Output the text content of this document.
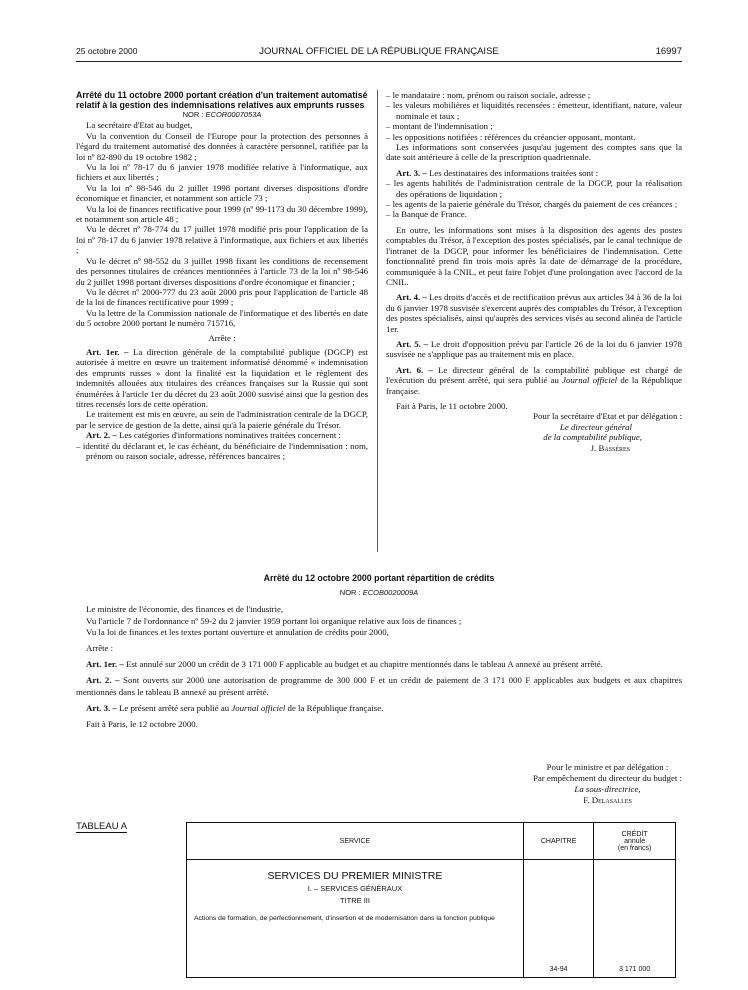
25 octobre 2000	JOURNAL OFFICIEL DE LA RÉPUBLIQUE FRANÇAISE	16997

Arrêté du 11 octobre 2000 portant création d'un traitement automatisé relatif à la gestion des indemnisations relatives aux emprunts russes

NOR : ECOR0007053A

La secrétaire d'Etat au budget,

Vu la convention du Conseil de l'Europe pour la protection des personnes à l'égard du traitement automatisé des données à caractère personnel, ratifiée par la loi nº 82-890 du 19 octobre 1982 ;

Vu la loi nº 78-17 du 6 janvier 1978 modifiée relative à l'informatique, aux fichiers et aux libertés ;

Vu la loi nº 98-546 du 2 juillet 1998 portant diverses dispositions d'ordre économique et financier, et notamment son article 73 ;

Vu la loi de finances rectificative pour 1999 (nº 99-1173 du 30 décembre 1999), et notamment son article 48 ;

Vu le décret nº 78-774 du 17 juillet 1978 modifié pris pour l'application de la loi nº 78-17 du 6 janvier 1978 relative à l'informatique, aux fichiers et aux libertés ;

Vu le décret nº 98-552 du 3 juillet 1998 fixant les conditions de recensement des personnes titulaires de créances mentionnées à l'article 73 de la loi nº 98-546 du 2 juillet 1998 portant diverses dispositions d'ordre économique et financier ;

Vu le décret nº 2000-777 du 23 août 2000 pris pour l'application de l'article 48 de la loi de finances rectificative pour 1999 ;

Vu la lettre de la Commission nationale de l'informatique et des libertés en date du 5 octobre 2000 portant le numéro 715716,

Arrête :

Art. 1er. – La direction générale de la comptabilité publique (DGCP) est autorisée à mettre en œuvre un traitement informatisé dénommé « indemnisation des emprunts russes » dont la finalité est la liquidation et le règlement des indemnités allouées aux titulaires des créances françaises sur la Russie qui sont énumérées à l'article 1er du décret du 23 août 2000 susvisé ainsi que la gestion des titres recensés lors de cette opération.

Le traitement est mis en œuvre, au sein de l'administration centrale de la DGCP, par le service de gestion de la dette, ainsi qu'à la paierie générale du Trésor.

Art. 2. – Les catégories d'informations nominatives traitées concernent :

– identité du déclarant et, le cas échéant, du bénéficiaire de l'indemnisation : nom, prénom ou raison sociale, adresse, références bancaires ;
– le mandataire : nom, prénom ou raison sociale, adresse ;
– les valeurs mobilières et liquidités recensées : émetteur, identifiant, nature, valeur nominale et taux ;
– montant de l'indemnisation ;
– les oppositions notifiées : références du créancier opposant, montant.

Les informations sont conservées jusqu'au jugement des comptes sans que la date soit antérieure à celle de la prescription quadriennale.

Art. 3. – Les destinataires des informations traitées sont :

– les agents habilités de l'administration centrale de la DGCP, pour la réalisation des opérations de liquidation ;
– les agents de la paierie générale du Trésor, chargés du paiement de ces créances ;
– la Banque de France.

En outre, les informations sont mises à la disposition des agents des postes comptables du Trésor, à l'exception des postes spécialisés, par le canal technique de l'intranet de la DGCP, pour informer les bénéficiaires de l'indemnisation. Cette fonctionnalité prend fin trois mois après la date de démarrage de la procédure, communiquée à la CNIL, et peut faire l'objet d'une prolongation avec l'accord de la CNIL.

Art. 4. – Les droits d'accès et de rectification prévus aux articles 34 à 36 de la loi du 6 janvier 1978 susvisée s'exercent auprès des comptables du Trésor, à l'exception des postes spécialisés, ainsi qu'auprès des services visés au second alinéa de l'article 1er.

Art. 5. – Le droit d'opposition prévu par l'article 26 de la loi du 6 janvier 1978 susvisée ne s'applique pas au traitement mis en place.

Art. 6. – Le directeur général de la comptabilité publique est chargé de l'exécution du présent arrêté, qui sera publié au Journal officiel de la République française.

Fait à Paris, le 11 octobre 2000.

Pour la secrétaire d'Etat et par délégation :

Le directeur général

de la comptabilité publique,

J. Bassères

Arrêté du 12 octobre 2000 portant répartition de crédits
NOR : ECOB0020009A

Le ministre de l'économie, des finances et de l'industrie,

Vu l'article 7 de l'ordonnance nº 59-2 du 2 janvier 1959 portant loi organique relative aux lois de finances ;

Vu la loi de finances et les textes portant ouverture et annulation de crédits pour 2000,

Arrête :

Art. 1er. – Est annulé sur 2000 un crédit de 3 171 000 F applicable au budget et au chapitre mentionnés dans le tableau A annexé au présent arrêté.

Art. 2. – Sont ouverts sur 2000 une autorisation de programme de 300 000 F et un crédit de paiement de 3 171 000 F applicables aux budgets et aux chapitres mentionnés dans le tableau B annexé au présent arrêté.

Art. 3. – Le présent arrêté sera publié au Journal officiel de la République française.

Fait à Paris, le 12 octobre 2000.

Pour le ministre et par délégation :
Par empêchement du directeur du budget :
La sous-directrice,
F. Delasalles
TABLEAU A
SERVICE	CHAPITRE	CRÉDIT
annulé
(en francs)

SERVICES DU PREMIER MINISTRE
I. – SERVICES GÉNÉRAUX
TITRE III
Actions de formation, de perfectionnement, d'insertion et de modernisation dans la fonction publique	34-94	3 171 000
